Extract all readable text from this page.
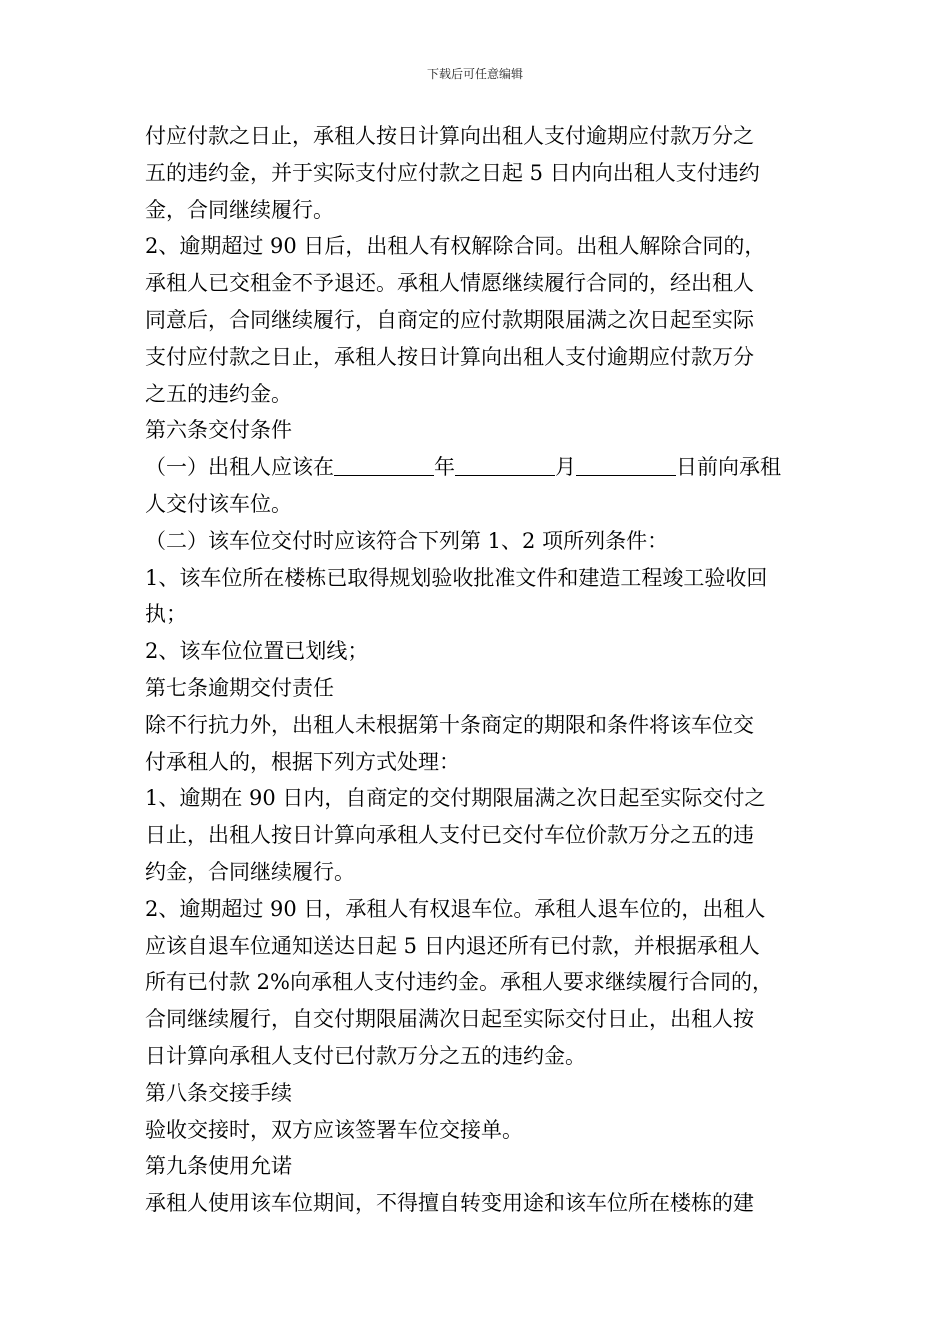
下载后可任意编辑
付应付款之日止，承租人按日计算向出租人支付逾期应付款万分之
五的违约金，并于实际支付应付款之日起 5 日内向出租人支付违约
金，合同继续履行。
2、逾期超过 90 日后，出租人有权解除合同。出租人解除合同的，
承租人已交租金不予退还。承租人情愿继续履行合同的，经出租人
同意后，合同继续履行，自商定的应付款期限届满之次日起至实际
支付应付款之日止，承租人按日计算向出租人支付逾期应付款万分
之五的违约金。
第六条交付条件
（一）出租人应该在	年	月	日前向承租
人交付该车位。
（二）该车位交付时应该符合下列第 1、2 项所列条件：
1、该车位所在楼栋已取得规划验收批准文件和建造工程竣工验收回
执；
2、该车位位置已划线；
第七条逾期交付责任
除不行抗力外，出租人未根据第十条商定的期限和条件将该车位交
付承租人的，根据下列方式处理：
1、逾期在 90 日内，自商定的交付期限届满之次日起至实际交付之
日止，出租人按日计算向承租人支付已交付车位价款万分之五的违
约金，合同继续履行。
2、逾期超过 90 日，承租人有权退车位。承租人退车位的，出租人
应该自退车位通知送达日起 5 日内退还所有已付款，并根据承租人
所有已付款 2%向承租人支付违约金。承租人要求继续履行合同的，
合同继续履行，自交付期限届满次日起至实际交付日止，出租人按
日计算向承租人支付已付款万分之五的违约金。
第八条交接手续
验收交接时，双方应该签署车位交接单。
第九条使用允诺
承租人使用该车位期间，不得擅自转变用途和该车位所在楼栋的建
